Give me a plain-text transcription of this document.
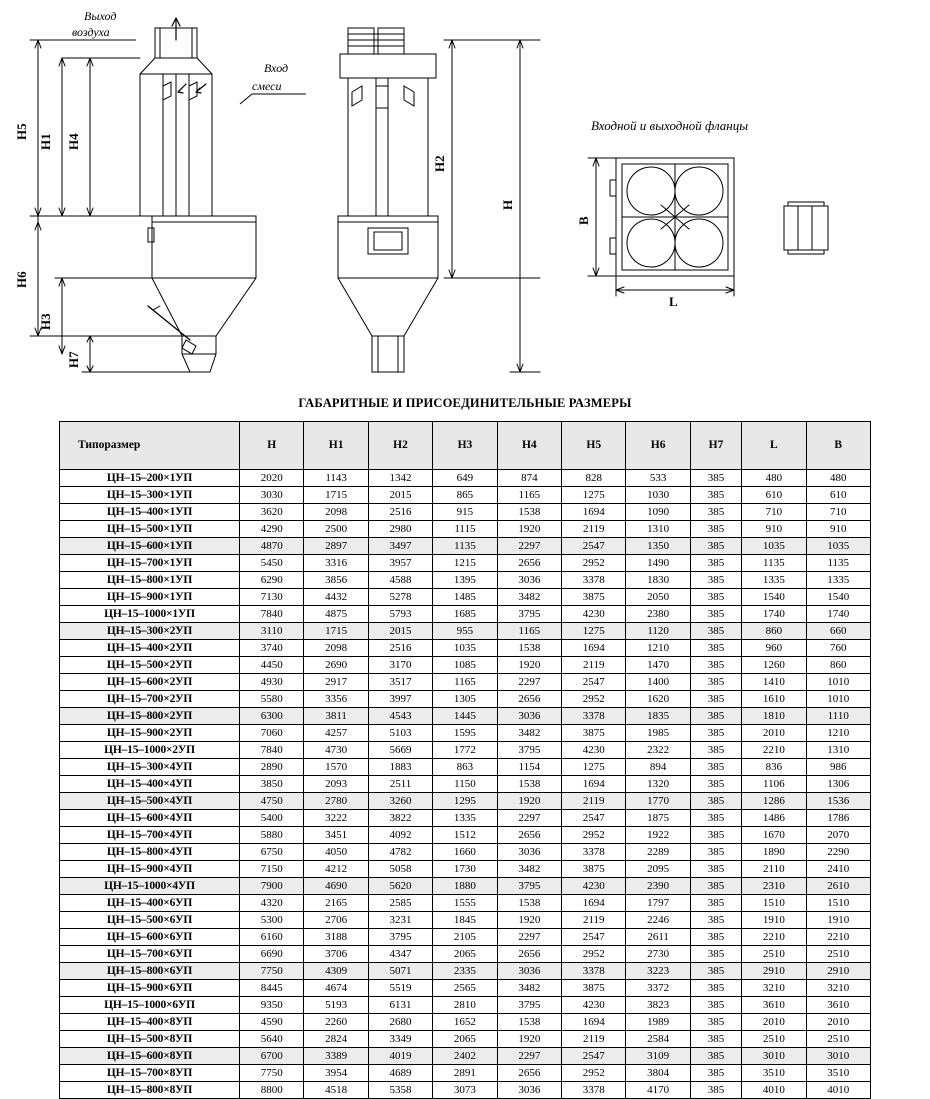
Выход
воздуха
Вход
смеси
Входной и выходной фланцы
Н5
Н1 Н4
Н6
Н3
Н7
Н2
Н
В
L
ГАБАРИТНЫЕ И ПРИСОЕДИНИТЕЛЬНЫЕ РАЗМЕРЫ
Типоразмер	Н	Н1	Н2	Н3	Н4	Н5	Н6	Н7	L	В
ЦН–15–200×1УП	2020	1143	1342	649	874	828	533	385	480	480
ЦН–15–300×1УП	3030	1715	2015	865	1165	1275	1030	385	610	610
ЦН–15–400×1УП	3620	2098	2516	915	1538	1694	1090	385	710	710
ЦН–15–500×1УП	4290	2500	2980	1115	1920	2119	1310	385	910	910
ЦН–15–600×1УП	4870	2897	3497	1135	2297	2547	1350	385	1035	1035
ЦН–15–700×1УП	5450	3316	3957	1215	2656	2952	1490	385	1135	1135
ЦН–15–800×1УП	6290	3856	4588	1395	3036	3378	1830	385	1335	1335
ЦН–15–900×1УП	7130	4432	5278	1485	3482	3875	2050	385	1540	1540
ЦН–15–1000×1УП	7840	4875	5793	1685	3795	4230	2380	385	1740	1740
ЦН–15–300×2УП	3110	1715	2015	955	1165	1275	1120	385	860	660
ЦН–15–400×2УП	3740	2098	2516	1035	1538	1694	1210	385	960	760
ЦН–15–500×2УП	4450	2690	3170	1085	1920	2119	1470	385	1260	860
ЦН–15–600×2УП	4930	2917	3517	1165	2297	2547	1400	385	1410	1010
ЦН–15–700×2УП	5580	3356	3997	1305	2656	2952	1620	385	1610	1010
ЦН–15–800×2УП	6300	3811	4543	1445	3036	3378	1835	385	1810	1110
ЦН–15–900×2УП	7060	4257	5103	1595	3482	3875	1985	385	2010	1210
ЦН–15–1000×2УП	7840	4730	5669	1772	3795	4230	2322	385	2210	1310
ЦН–15–300×4УП	2890	1570	1883	863	1154	1275	894	385	836	986
ЦН–15–400×4УП	3850	2093	2511	1150	1538	1694	1320	385	1106	1306
ЦН–15–500×4УП	4750	2780	3260	1295	1920	2119	1770	385	1286	1536
ЦН–15–600×4УП	5400	3222	3822	1335	2297	2547	1875	385	1486	1786
ЦН–15–700×4УП	5880	3451	4092	1512	2656	2952	1922	385	1670	2070
ЦН–15–800×4УП	6750	4050	4782	1660	3036	3378	2289	385	1890	2290
ЦН–15–900×4УП	7150	4212	5058	1730	3482	3875	2095	385	2110	2410
ЦН–15–1000×4УП	7900	4690	5620	1880	3795	4230	2390	385	2310	2610
ЦН–15–400×6УП	4320	2165	2585	1555	1538	1694	1797	385	1510	1510
ЦН–15–500×6УП	5300	2706	3231	1845	1920	2119	2246	385	1910	1910
ЦН–15–600×6УП	6160	3188	3795	2105	2297	2547	2611	385	2210	2210
ЦН–15–700×6УП	6690	3706	4347	2065	2656	2952	2730	385	2510	2510
ЦН–15–800×6УП	7750	4309	5071	2335	3036	3378	3223	385	2910	2910
ЦН–15–900×6УП	8445	4674	5519	2565	3482	3875	3372	385	3210	3210
ЦН–15–1000×6УП	9350	5193	6131	2810	3795	4230	3823	385	3610	3610
ЦН–15–400×8УП	4590	2260	2680	1652	1538	1694	1989	385	2010	2010
ЦН–15–500×8УП	5640	2824	3349	2065	1920	2119	2584	385	2510	2510
ЦН–15–600×8УП	6700	3389	4019	2402	2297	2547	3109	385	3010	3010
ЦН–15–700×8УП	7750	3954	4689	2891	2656	2952	3804	385	3510	3510
ЦН–15–800×8УП	8800	4518	5358	3073	3036	3378	4170	385	4010	4010
